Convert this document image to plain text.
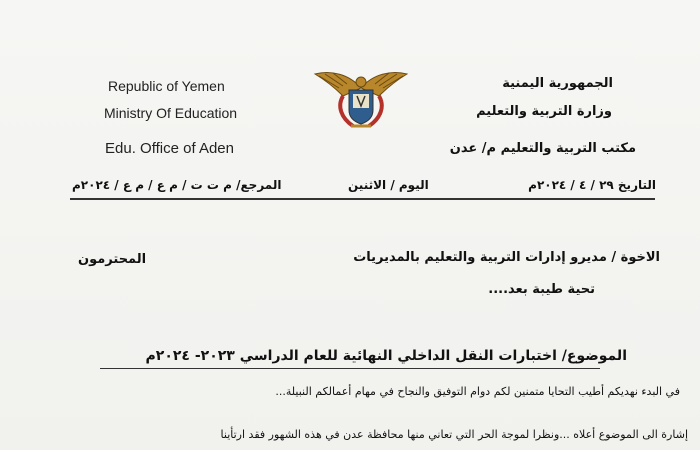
Republic of Yemen
Ministry Of Education
Edu. Office of Aden
الجمهورية اليمنية
وزارة التربية والتعليم
مكتب التربية والتعليم م/ عدن
التاريخ ٢٩ / ٤ / ٢٠٢٤م
اليوم / الاثنين
المرجع/ م ت ت / م ع / م ع / ٢٠٢٤م
الاخوة / مديرو إدارات التربية والتعليم بالمديريات
المحترمون
تحية طيبة بعد....
الموضوع/ اختبارات النقل الداخلي النهائية للعام الدراسي ٢٠٢٣- ٢٠٢٤م
في البدء نهديكم أطيب التحايا متمنين لكم دوام التوفيق والنجاح في مهام أعمالكم النبيلة...
إشارة الى الموضوع أعلاه ...ونظرا لموجة الحر التي تعاني منها محافظة عدن في هذه الشهور فقد ارتأينا
